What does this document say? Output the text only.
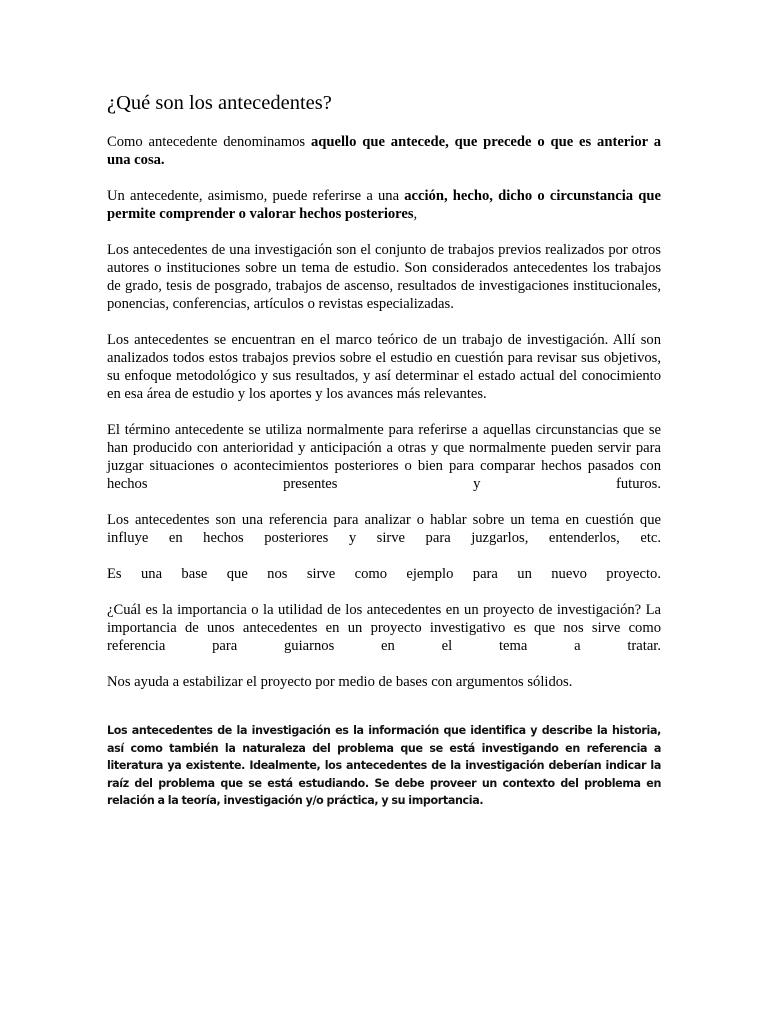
¿Qué son los antecedentes?

Como antecedente denominamos aquello que antecede, que precede o que es anterior a una cosa.

Un antecedente, asimismo, puede referirse a una acción, hecho, dicho o circunstancia que permite comprender o valorar hechos posteriores,

Los antecedentes de una investigación son el conjunto de trabajos previos realizados por otros autores o instituciones sobre un tema de estudio. Son considerados antecedentes los trabajos de grado, tesis de posgrado, trabajos de ascenso, resultados de investigaciones institucionales, ponencias, conferencias, artículos o revistas especializadas.

Los antecedentes se encuentran en el marco teórico de un trabajo de investigación. Allí son analizados todos estos trabajos previos sobre el estudio en cuestión para revisar sus objetivos, su enfoque metodológico y sus resultados, y así determinar el estado actual del conocimiento en esa área de estudio y los aportes y los avances más relevantes.

El término antecedente se utiliza normalmente para referirse a aquellas circunstancias que se han producido con anterioridad y anticipación a otras y que normalmente pueden servir para juzgar situaciones o acontecimientos posteriores o bien para comparar hechos pasados con hechos presentes y futuros.

Los antecedentes son una referencia para analizar o hablar sobre un tema en cuestión que influye en hechos posteriores y sirve para juzgarlos, entenderlos, etc.

Es una base que nos sirve como ejemplo para un nuevo proyecto.

¿Cuál es la importancia o la utilidad de los antecedentes en un proyecto de investigación? La importancia de unos antecedentes en un proyecto investigativo es que nos sirve como referencia para guiarnos en el tema a tratar.

Nos ayuda a estabilizar el proyecto por medio de bases con argumentos sólidos.

Los antecedentes de la investigación es la información que identifica y describe la historia, así como también la naturaleza del problema que se está investigando en referencia a literatura ya existente. Idealmente, los antecedentes de la investigación deberían indicar la raíz del problema que se está estudiando. Se debe proveer un contexto del problema en relación a la teoría, investigación y/o práctica, y su importancia.
